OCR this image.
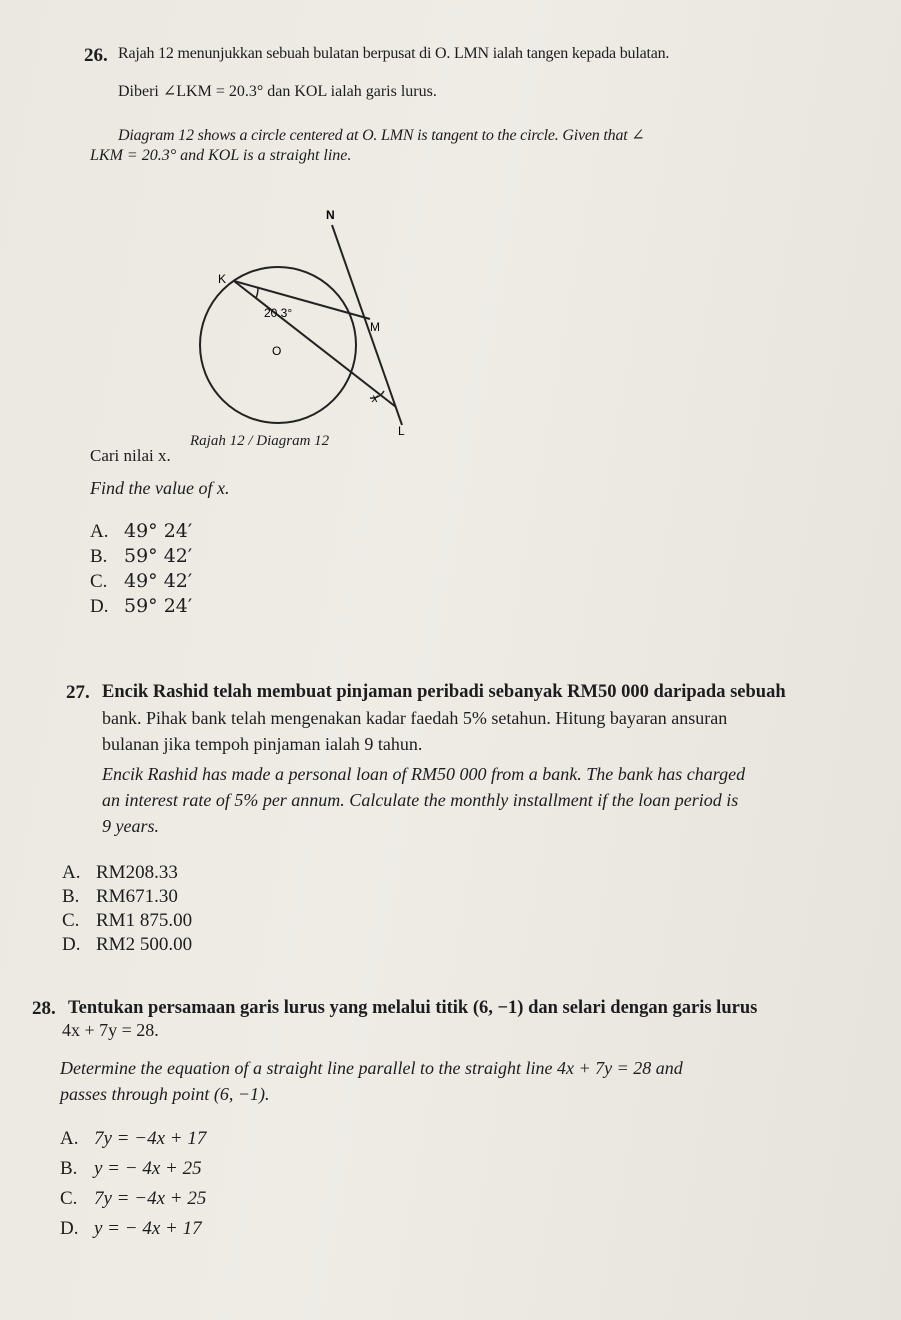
26. Rajah 12 menunjukkan sebuah bulatan berpusat di O. LMN ialah tangen kepada bulatan.
Diberi ∠LKM = 20.3° dan KOL ialah garis lurus.
Diagram 12 shows a circle centered at O. LMN is tangent to the circle. Given that ∠
LKM = 20.3° and KOL is a straight line.
N
K
20.3°
M
O
x
L
Rajah 12 / Diagram 12
Cari nilai x.
Find the value of x.
A. 49° 24′
B. 59° 42′
C. 49° 42′
D. 59° 24′
27. Encik Rashid telah membuat pinjaman peribadi sebanyak RM50 000 daripada sebuah
bank. Pihak bank telah mengenakan kadar faedah 5% setahun. Hitung bayaran ansuran
bulanan jika tempoh pinjaman ialah 9 tahun.
Encik Rashid has made a personal loan of RM50 000 from a bank. The bank has charged
an interest rate of 5% per annum. Calculate the monthly installment if the loan period is
9 years.
A. RM208.33
B. RM671.30
C. RM1 875.00
D. RM2 500.00
28. Tentukan persamaan garis lurus yang melalui titik (6, −1) dan selari dengan garis lurus
4x + 7y = 28.
Determine the equation of a straight line parallel to the straight line 4x + 7y = 28 and
passes through point (6, −1).
A. 7y = −4x + 17
B. y = − 4x + 25
C. 7y = −4x + 25
D. y = − 4x + 17
